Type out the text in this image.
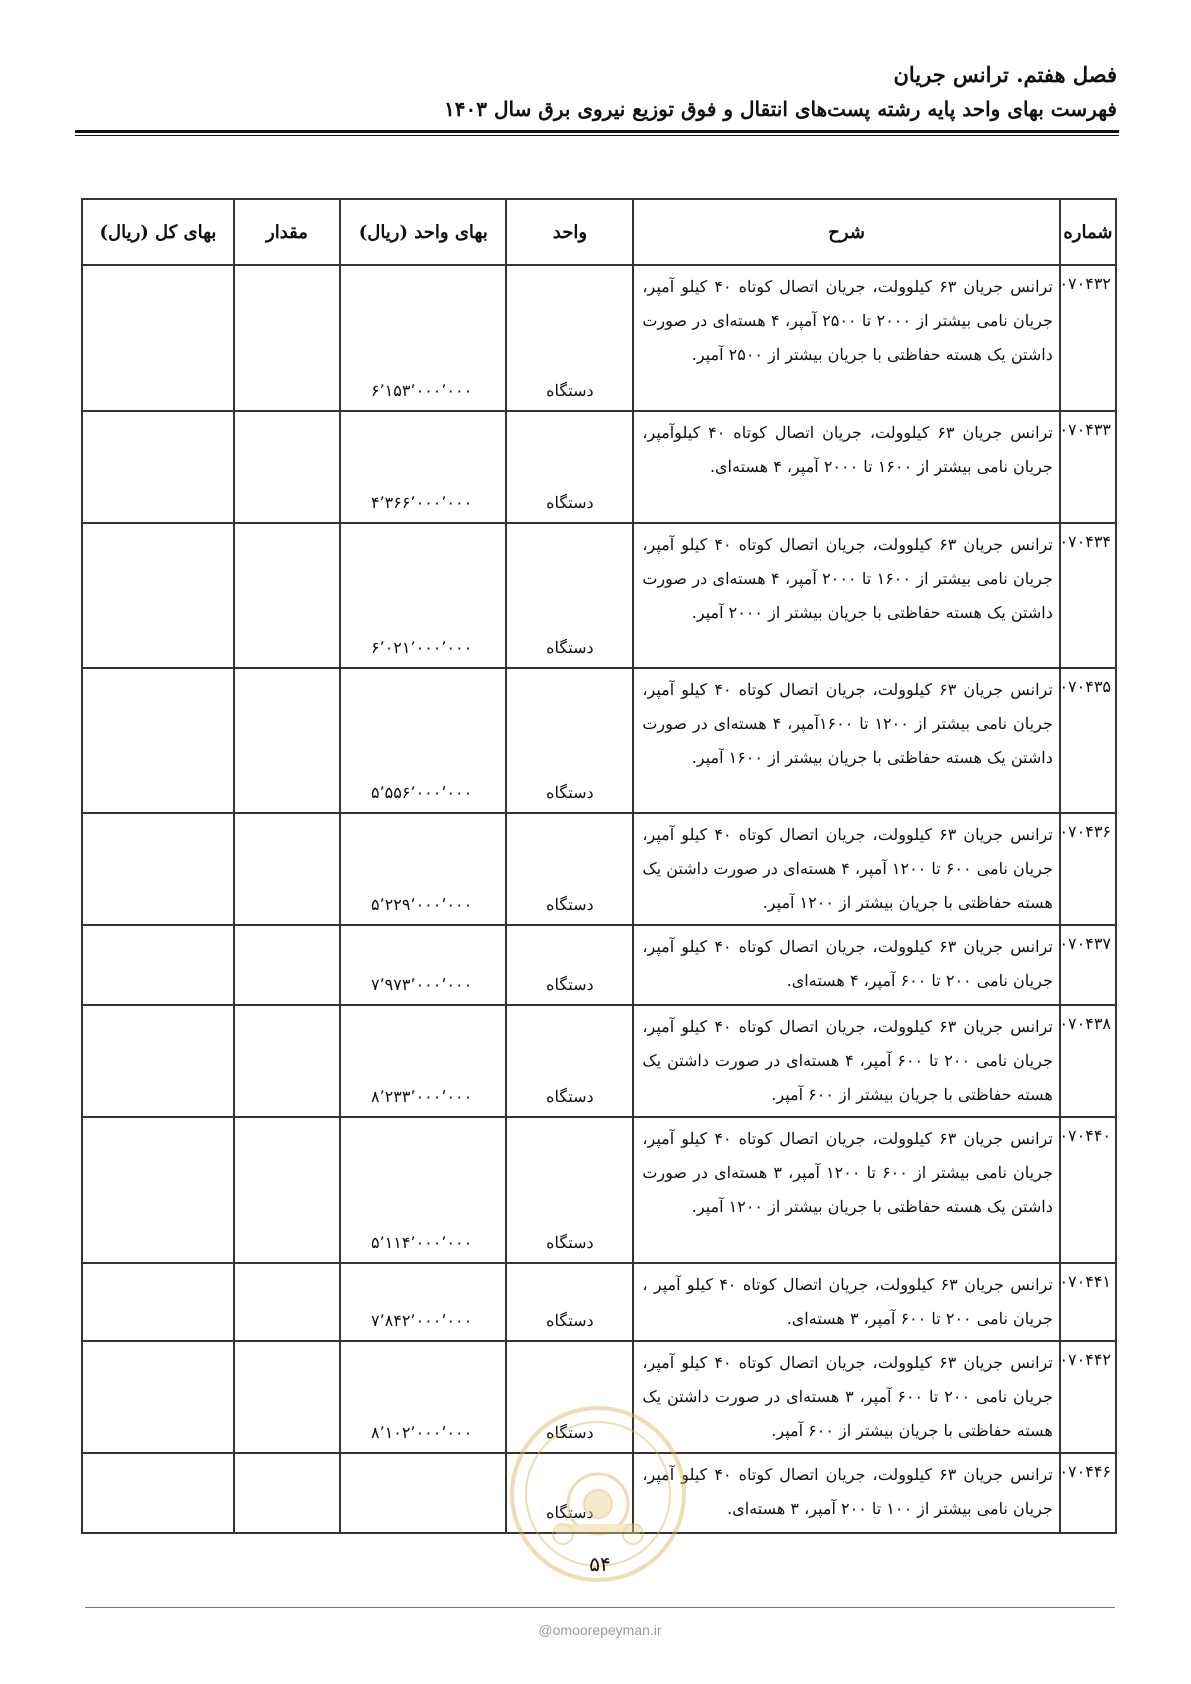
فصل هفتم. ترانس جریان
فهرست بهای واحد پایه رشته پست‌های انتقال و فوق توزیع نیروی برق سال ۱۴۰۳
شماره	شرح	واحد	بهای واحد (ریال)	مقدار	بهای کل (ریال)
۰۷۰۴۳۲	ترانس جریان ۶۳ کیلوولت، جریان اتصال کوتاه ۴۰ کیلو آمپر، جریان نامی بیشتر از ۲۰۰۰ تا ۲۵۰۰ آمپر، ۴ هسته‌ای در صورت داشتن یک هسته حفاظتی با جریان بیشتر از ۲۵۰۰ آمپر.	دستگاه	۶٬۱۵۳٬۰۰۰٬۰۰۰		
۰۷۰۴۳۳	ترانس جریان ۶۳ کیلوولت، جریان اتصال کوتاه ۴۰ کیلوآمپر، جریان نامی بیشتر از ۱۶۰۰ تا ۲۰۰۰ آمپر، ۴ هسته‌ای.	دستگاه	۴٬۳۶۶٬۰۰۰٬۰۰۰		
۰۷۰۴۳۴	ترانس جریان ۶۳ کیلوولت، جریان اتصال کوتاه ۴۰ کیلو آمپر، جریان نامی بیشتر از ۱۶۰۰ تا ۲۰۰۰ آمپر، ۴ هسته‌ای در صورت داشتن یک هسته حفاظتی با جریان بیشتر از ۲۰۰۰ آمپر.	دستگاه	۶٬۰۲۱٬۰۰۰٬۰۰۰		
۰۷۰۴۳۵	ترانس جریان ۶۳ کیلوولت، جریان اتصال کوتاه ۴۰ کیلو آمپر، جریان نامی بیشتر از ۱۲۰۰ تا ۱۶۰۰آمپر، ۴ هسته‌ای در صورت داشتن یک هسته حفاظتی با جریان بیشتر از ۱۶۰۰ آمپر.	دستگاه	۵٬۵۵۶٬۰۰۰٬۰۰۰		
۰۷۰۴۳۶	ترانس جریان ۶۳ کیلوولت، جریان اتصال کوتاه ۴۰ کیلو آمپر، جریان نامی ۶۰۰ تا ۱۲۰۰ آمپر، ۴ هسته‌ای در صورت داشتن یک هسته حفاظتی با جریان بیشتر از ۱۲۰۰ آمپر.	دستگاه	۵٬۲۲۹٬۰۰۰٬۰۰۰		
۰۷۰۴۳۷	ترانس جریان ۶۳ کیلوولت، جریان اتصال کوتاه ۴۰ کیلو آمپر، جریان نامی ۲۰۰ تا ۶۰۰ آمپر، ۴ هسته‌ای.	دستگاه	۷٬۹۷۳٬۰۰۰٬۰۰۰		
۰۷۰۴۳۸	ترانس جریان ۶۳ کیلوولت، جریان اتصال کوتاه ۴۰ کیلو آمپر، جریان نامی ۲۰۰ تا ۶۰۰ آمپر، ۴ هسته‌ای در صورت داشتن یک هسته حفاظتی با جریان بیشتر از ۶۰۰ آمپر.	دستگاه	۸٬۲۳۳٬۰۰۰٬۰۰۰		
۰۷۰۴۴۰	ترانس جریان ۶۳ کیلوولت، جریان اتصال کوتاه ۴۰ کیلو آمپر، جریان نامی بیشتر از ۶۰۰ تا ۱۲۰۰ آمپر، ۳ هسته‌ای در صورت داشتن یک هسته حفاظتی با جریان بیشتر از ۱۲۰۰ آمپر.	دستگاه	۵٬۱۱۴٬۰۰۰٬۰۰۰		
۰۷۰۴۴۱	ترانس جریان ۶۳ کیلوولت، جریان اتصال کوتاه ۴۰ کیلو آمپر ، جریان نامی ۲۰۰ تا ۶۰۰ آمپر، ۳ هسته‌ای.	دستگاه	۷٬۸۴۲٬۰۰۰٬۰۰۰		
۰۷۰۴۴۲	ترانس جریان ۶۳ کیلوولت، جریان اتصال کوتاه ۴۰ کیلو آمپر، جریان نامی ۲۰۰ تا ۶۰۰ آمپر، ۳ هسته‌ای در صورت داشتن یک هسته حفاظتی با جریان بیشتر از ۶۰۰ آمپر.	دستگاه	۸٬۱۰۲٬۰۰۰٬۰۰۰		
۰۷۰۴۴۶	ترانس جریان ۶۳ کیلوولت، جریان اتصال کوتاه ۴۰ کیلو آمپر، جریان نامی بیشتر از ۱۰۰ تا ۲۰۰ آمپر، ۳ هسته‌ای.	دستگاه			
۵۴
@omoorepeyman.ir
